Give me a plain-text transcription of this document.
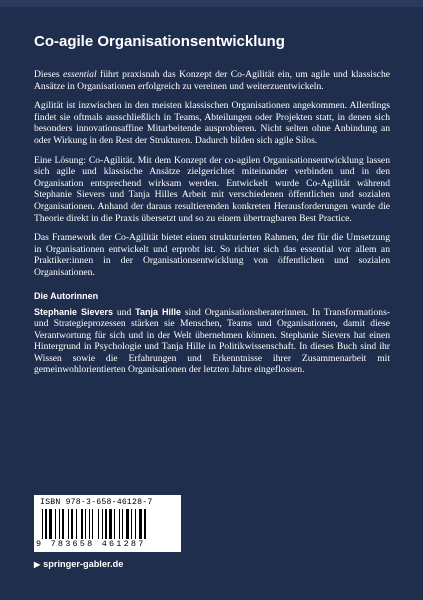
Co-agile Organisationsentwicklung

Dieses essential führt praxisnah das Konzept der Co-Agilität ein, um agile und klassische Ansätze in Organisationen erfolgreich zu vereinen und weiterzuentwickeln.

Agilität ist inzwischen in den meisten klassischen Organisationen angekommen. Allerdings findet sie oftmals ausschließlich in Teams, Abteilungen oder Projekten statt, in denen sich besonders innovationsaffine Mitarbeitende ausprobieren. Nicht selten ohne Anbindung an oder Wirkung in den Rest der Strukturen. Dadurch bilden sich agile Silos.

Eine Lösung: Co-Agilität. Mit dem Konzept der co-agilen Organisationsentwicklung lassen sich agile und klassische Ansätze zielgerichtet miteinander verbinden und in den Organisation entsprechend wirksam werden. Entwickelt wurde Co-Agilität während Stephanie Sievers und Tanja Hilles Arbeit mit verschiedenen öffentlichen und sozialen Organisationen. Anhand der daraus resultierenden konkreten Herausforderungen wurde die Theorie direkt in die Praxis übersetzt und so zu einem übertragbaren Best Practice.

Das Framework der Co-Agilität bietet einen strukturierten Rahmen, der für die Umsetzung in Organisationen entwickelt und erprobt ist. So richtet sich das essential vor allem an Praktiker:innen in der Organisationsentwicklung von öffentlichen und sozialen Organisationen.

Die Autorinnen

Stephanie Sievers und Tanja Hille sind Organisationsberaterinnen. In Transformations- und Strategieprozessen stärken sie Menschen, Teams und Organisationen, damit diese Verantwortung für sich und in der Welt übernehmen können. Stephanie Sievers hat einen Hintergrund in Psychologie und Tanja Hille in Politikwissenschaft. In dieses Buch sind ihr Wissen sowie die Erfahrungen und Erkenntnisse ihrer Zusammenarbeit mit gemeinwohlorientierten Organisationen der letzten Jahre eingeflossen.

ISBN 978-3-658-46128-7
9 783658 461287
▶ springer-gabler.de
